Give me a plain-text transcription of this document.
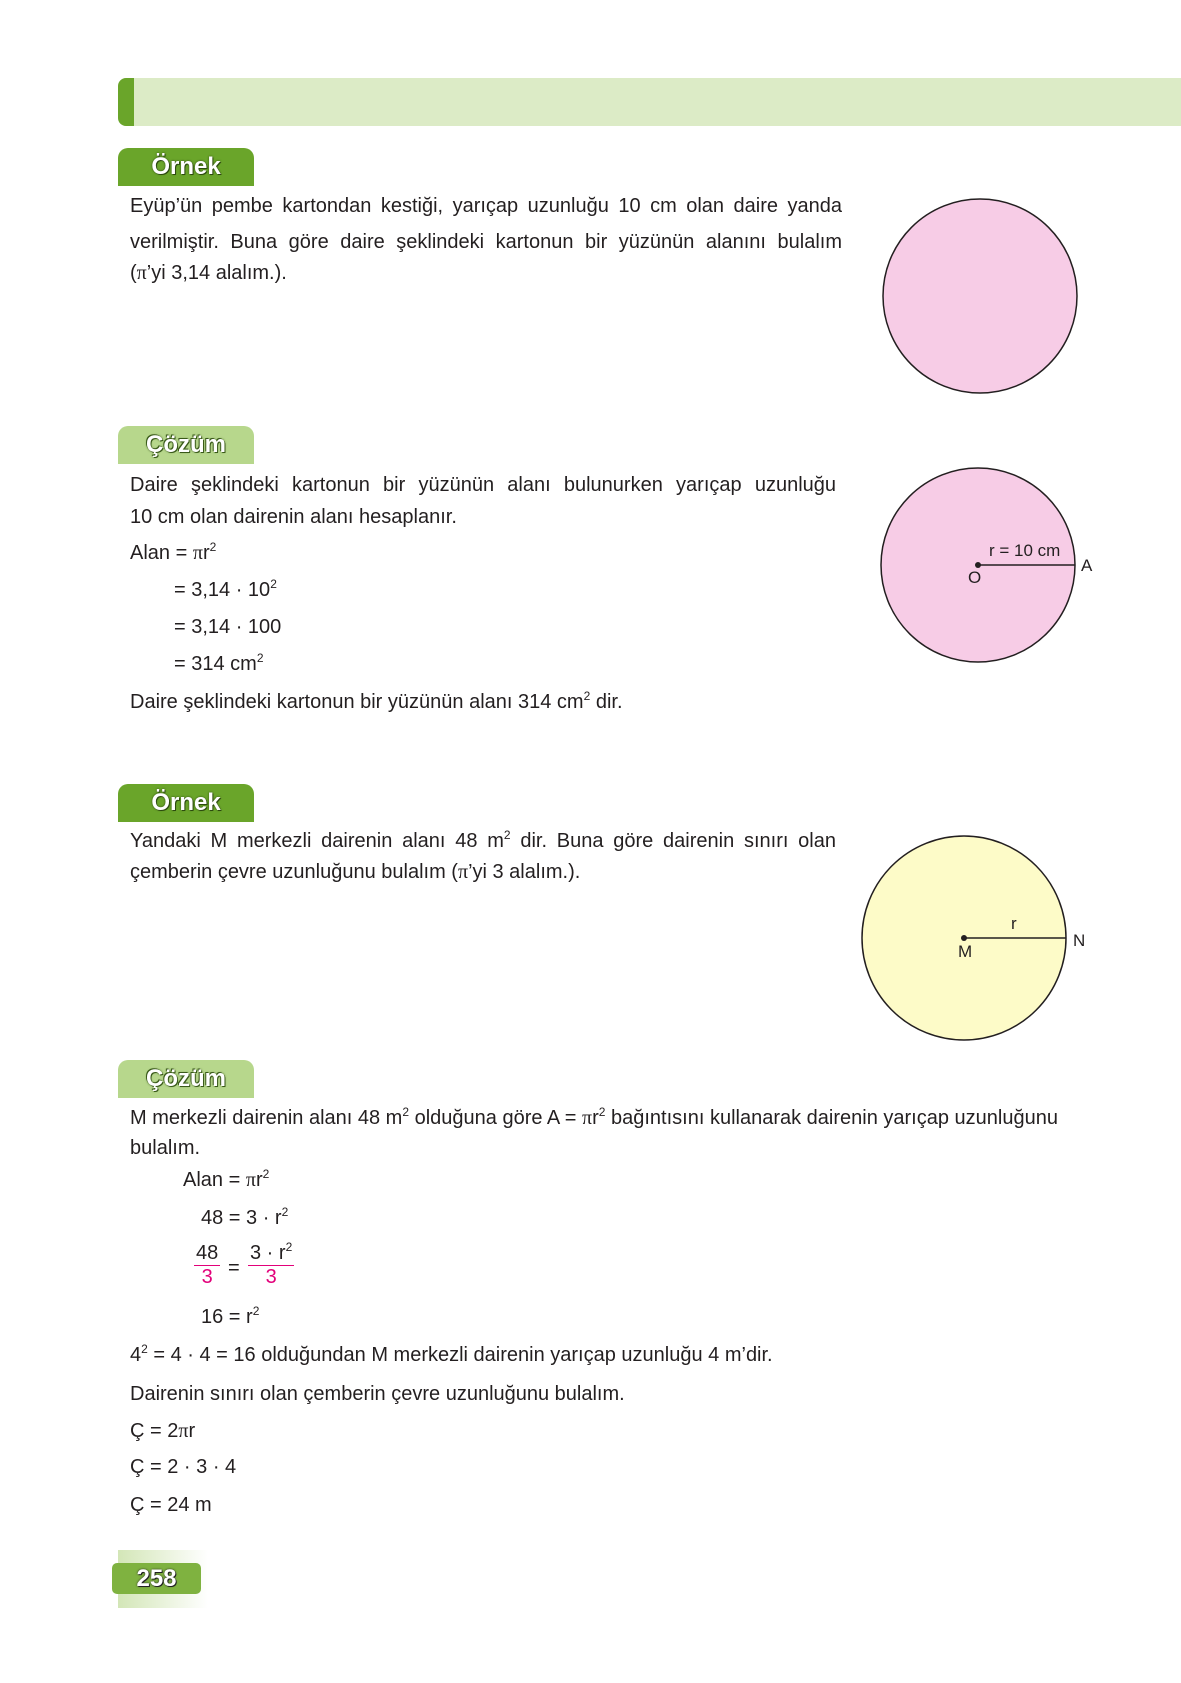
Örnek
Eyüp’ün pembe kartondan kestiği, yarıçap uzunluğu 10 cm olan daire yanda
verilmiştir. Buna göre daire şeklindeki kartonun bir yüzünün alanını bulalım
(π’yi 3,14 alalım.).
Çözüm
Daire şeklindeki kartonun bir yüzünün alanı bulunurken yarıçap uzunluğu
10 cm olan dairenin alanı hesaplanır.
Alan = $\pi r^2$
= $3,14 \cdot 10^2$
= 3,14 · 100
= 314 $cm^2$
Daire şeklindeki kartonun bir yüzünün alanı 314 $cm^2$ dir.
r = 10 cm
O
A
Örnek
Yandaki M merkezli dairenin alanı 48 $m^2$ dir. Buna göre dairenin sınırı olan
çemberin çevre uzunluğunu bulalım (π’yi 3 alalım.).
r
M
N
Çözüm
M merkezli dairenin alanı 48 $m^2$ olduğuna göre $A = \pi r^2$ bağıntısını kullanarak dairenin yarıçap uzunluğunu
bulalım.
Alan = $\pi r^2$
$48 = 3 \cdot r^2$
$\frac{48}{3} = \frac{3 \cdot r^2}{3}$
$16 = r^2$
$4^2 = 4 \cdot 4 = 16$ olduğundan M merkezli dairenin yarıçap uzunluğu 4 m’dir.
Dairenin sınırı olan çemberin çevre uzunluğunu bulalım.
Ç = 2πr
Ç = 2 · 3 · 4
Ç = 24 m
258
